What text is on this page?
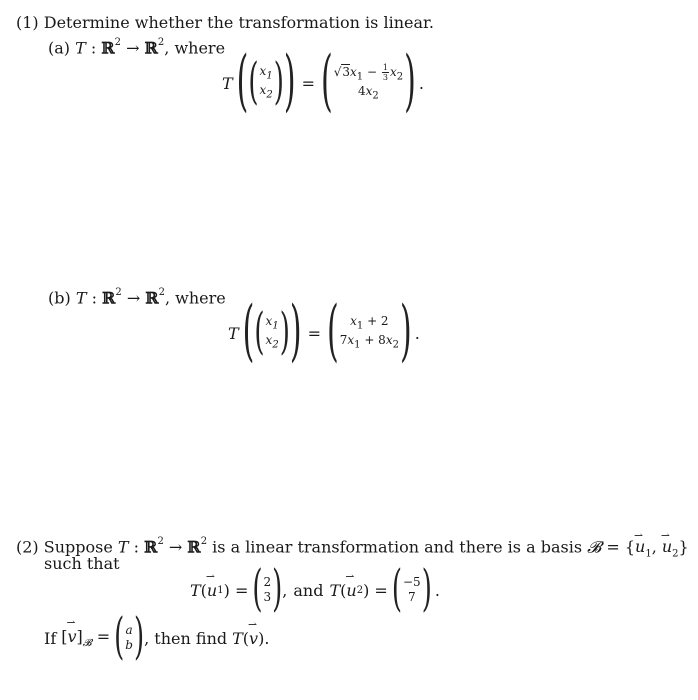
(1) Determine whether the transformation is linear.
(a) T : ℝ$^2$ → ℝ$^2$, where
T ( ( $x_1$
$x_2$ ) ) = ( $√3x_1 - \frac{1}{3} x_2$
$4x_2$ ) .
(b) T : ℝ$^2$ → ℝ$^2$, where
T ( ( $x_1$
$x_2$ ) ) = ( $x_1 + 2$
$7x_1 + 8x_2$ ) .
(2) Suppose T : ℝ$^2$ → ℝ$^2$ is a linear transformation and there is a basis 𝓑 = {⇀ $u_1$, ⇀ $u_2$}
such that
T ( ⇀ u 1 ) = ( 2
3 ) , and T ( ⇀ u 2 ) = ( −5
7 ) .
If [⇀ $v]_𝓑$ = ( a
b ) , then find T(⇀ v).
